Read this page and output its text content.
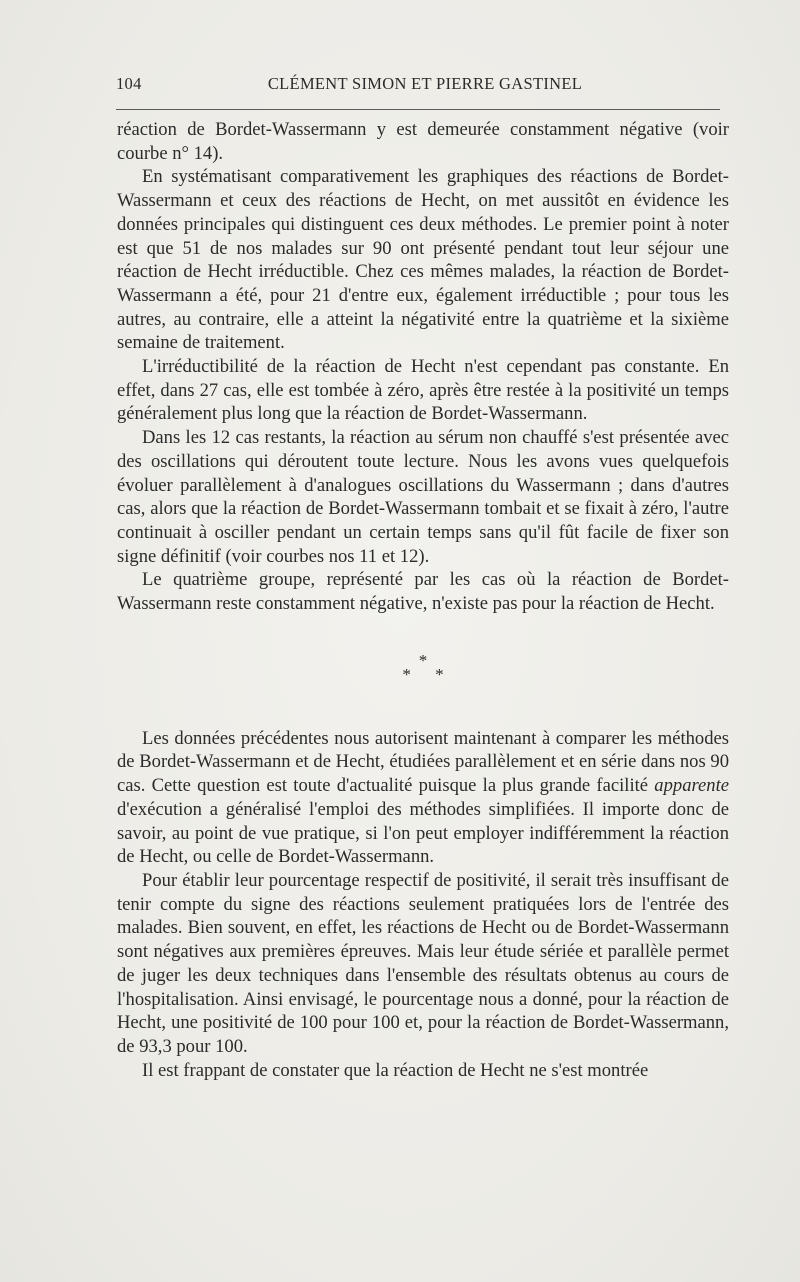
104	CLÉMENT SIMON ET PIERRE GASTINEL

réaction de Bordet-Wassermann y est demeurée constamment négative (voir courbe n° 14).

En systématisant comparativement les graphiques des réactions de Bordet-Wassermann et ceux des réactions de Hecht, on met aussitôt en évidence les données principales qui distinguent ces deux méthodes. Le premier point à noter est que 51 de nos malades sur 90 ont présenté pendant tout leur séjour une réaction de Hecht irréductible. Chez ces mêmes malades, la réaction de Bordet-Wassermann a été, pour 21 d'entre eux, également irréductible ; pour tous les autres, au contraire, elle a atteint la négativité entre la quatrième et la sixième semaine de traitement.

L'irréductibilité de la réaction de Hecht n'est cependant pas constante. En effet, dans 27 cas, elle est tombée à zéro, après être restée à la positivité un temps généralement plus long que la réaction de Bordet-Wassermann.

Dans les 12 cas restants, la réaction au sérum non chauffé s'est présentée avec des oscillations qui déroutent toute lecture. Nous les avons vues quelquefois évoluer parallèlement à d'analogues oscillations du Wassermann ; dans d'autres cas, alors que la réaction de Bordet-Wassermann tombait et se fixait à zéro, l'autre continuait à osciller pendant un certain temps sans qu'il fût facile de fixer son signe définitif (voir courbes nos 11 et 12).

Le quatrième groupe, représenté par les cas où la réaction de Bordet-Wassermann reste constamment négative, n'existe pas pour la réaction de Hecht.

*
* *

Les données précédentes nous autorisent maintenant à comparer les méthodes de Bordet-Wassermann et de Hecht, étudiées parallèlement et en série dans nos 90 cas. Cette question est toute d'actualité puisque la plus grande facilité apparente d'exécution a généralisé l'emploi des méthodes simplifiées. Il importe donc de savoir, au point de vue pratique, si l'on peut employer indifféremment la réaction de Hecht, ou celle de Bordet-Wassermann.

Pour établir leur pourcentage respectif de positivité, il serait très insuffisant de tenir compte du signe des réactions seulement pratiquées lors de l'entrée des malades. Bien souvent, en effet, les réactions de Hecht ou de Bordet-Wassermann sont négatives aux premières épreuves. Mais leur étude sériée et parallèle permet de juger les deux techniques dans l'ensemble des résultats obtenus au cours de l'hospitalisation. Ainsi envisagé, le pourcentage nous a donné, pour la réaction de Hecht, une positivité de 100 pour 100 et, pour la réaction de Bordet-Wassermann, de 93,3 pour 100.

Il est frappant de constater que la réaction de Hecht ne s'est montrée
